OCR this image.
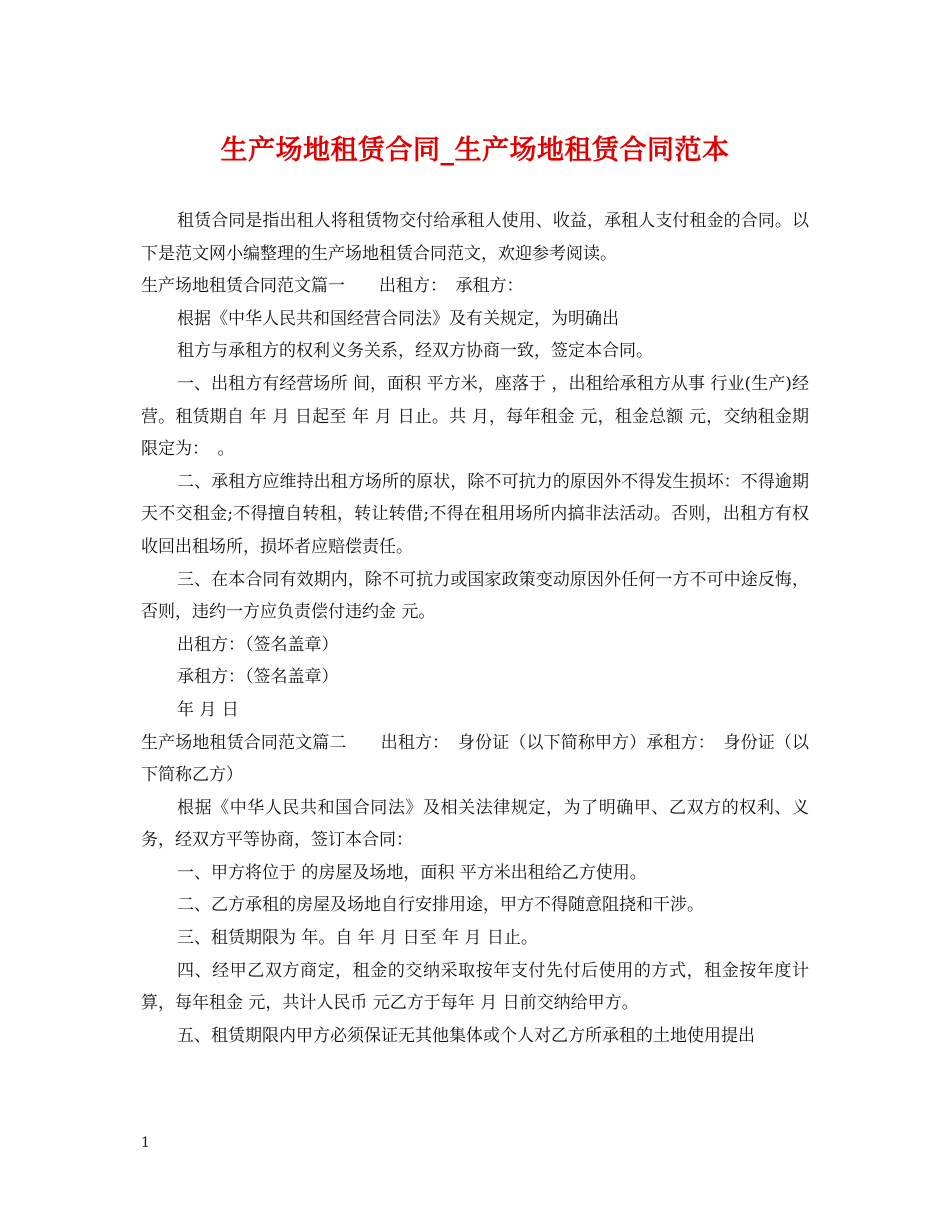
生产场地租赁合同_生产场地租赁合同范本

租赁合同是指出租人将租赁物交付给承租人使用、收益，承租人支付租金的合同。以下是范文网小编整理的生产场地租赁合同范文，欢迎参考阅读。

生产场地租赁合同范文篇一　　出租方：　承租方：

根据《中华人民共和国经营合同法》及有关规定，为明确出

租方与承租方的权利义务关系，经双方协商一致，签定本合同。

一、出租方有经营场所 间，面积 平方米，座落于 ，出租给承租方从事 行业(生产)经营。租赁期自 年 月 日起至 年 月 日止。共 月，每年租金 元，租金总额 元，交纳租金期限定为：　。

二、承租方应维持出租方场所的原状，除不可抗力的原因外不得发生损坏：不得逾期 天不交租金;不得擅自转租，转让转借;不得在租用场所内搞非法活动。否则，出租方有权收回出租场所，损坏者应赔偿责任。

三、在本合同有效期内，除不可抗力或国家政策变动原因外任何一方不可中途反悔，否则，违约一方应负责偿付违约金 元。

出租方：（签名盖章）

承租方：（签名盖章）

年 月 日

生产场地租赁合同范文篇二　　出租方：　身份证（以下简称甲方）承租方：　身份证（以下简称乙方）

根据《中华人民共和国合同法》及相关法律规定，为了明确甲、乙双方的权利、义务，经双方平等协商，签订本合同：

一、甲方将位于 的房屋及场地，面积 平方米出租给乙方使用。

二、乙方承租的房屋及场地自行安排用途，甲方不得随意阻挠和干涉。

三、租赁期限为 年。自 年 月 日至 年 月 日止。

四、经甲乙双方商定，租金的交纳采取按年支付先付后使用的方式，租金按年度计算，每年租金 元，共计人民币 元乙方于每年 月 日前交纳给甲方。

五、租赁期限内甲方必须保证无其他集体或个人对乙方所承租的土地使用提出

1
